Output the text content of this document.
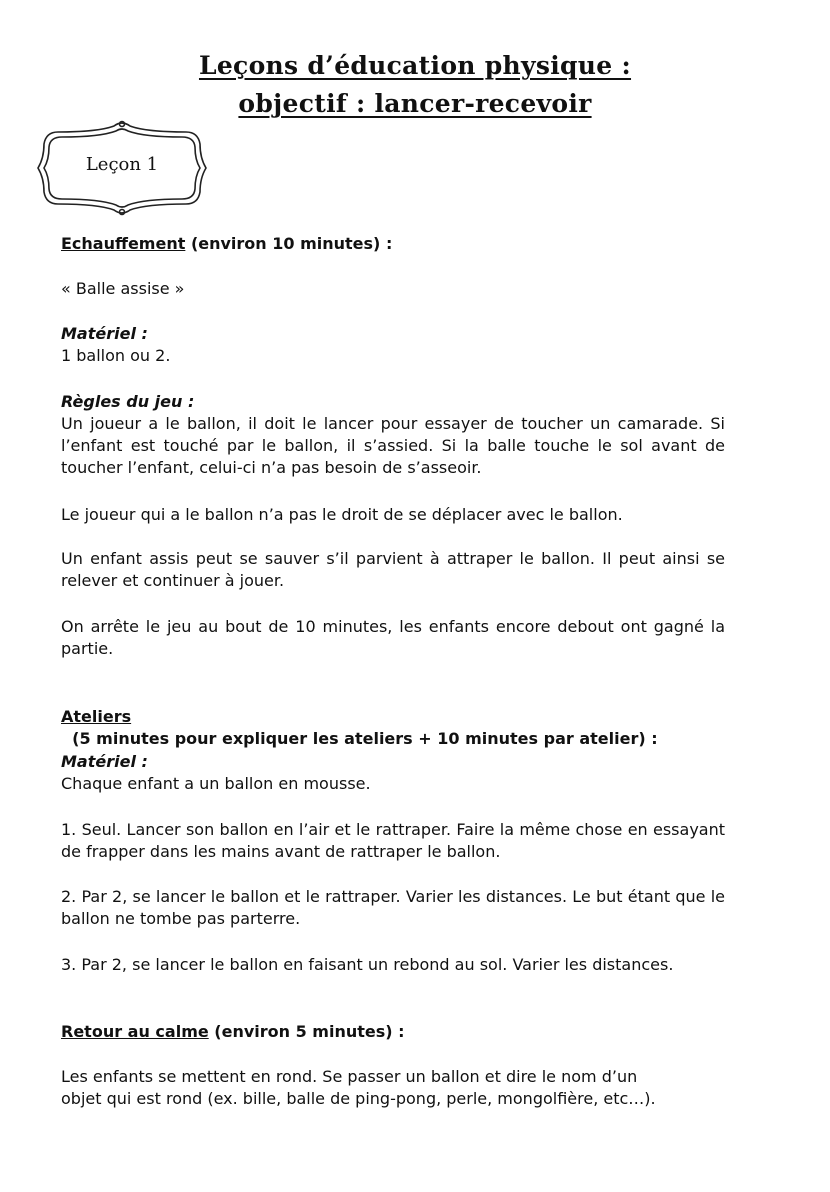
Leçons d’éducation physique :
objectif : lancer-recevoir
Leçon 1
Echauffement (environ 10 minutes) :

« Balle assise »

Matériel :

1 ballon ou 2.

Règles du jeu :

Un joueur a le ballon, il doit le lancer pour essayer de toucher un camarade. Si l’enfant est touché par le ballon, il s’assied. Si la balle touche le sol avant de toucher l’enfant, celui-ci n’a pas besoin de s’asseoir.

Le joueur qui a le ballon n’a pas le droit de se déplacer avec le ballon.

Un enfant assis peut se sauver s’il parvient à attraper le ballon. Il peut ainsi se relever et continuer à jouer.

On arrête le jeu au bout de 10 minutes, les enfants encore debout ont gagné la partie.

Ateliers  (5 minutes pour expliquer les ateliers + 10 minutes par atelier) :

Matériel :

Chaque enfant a un ballon en mousse.

1. Seul. Lancer son ballon en l’air et le rattraper. Faire la même chose en essayant de frapper dans les mains avant de rattraper le ballon.

2. Par 2, se lancer le ballon et le rattraper. Varier les distances. Le but étant que le ballon ne tombe pas parterre.

3. Par 2, se lancer le ballon en faisant un rebond au sol. Varier les distances.

Retour au calme (environ 5 minutes) :

Les enfants se mettent en rond. Se passer un ballon et dire le nom d’un

objet qui est rond (ex. bille, balle de ping-pong, perle, mongolfière, etc…).
